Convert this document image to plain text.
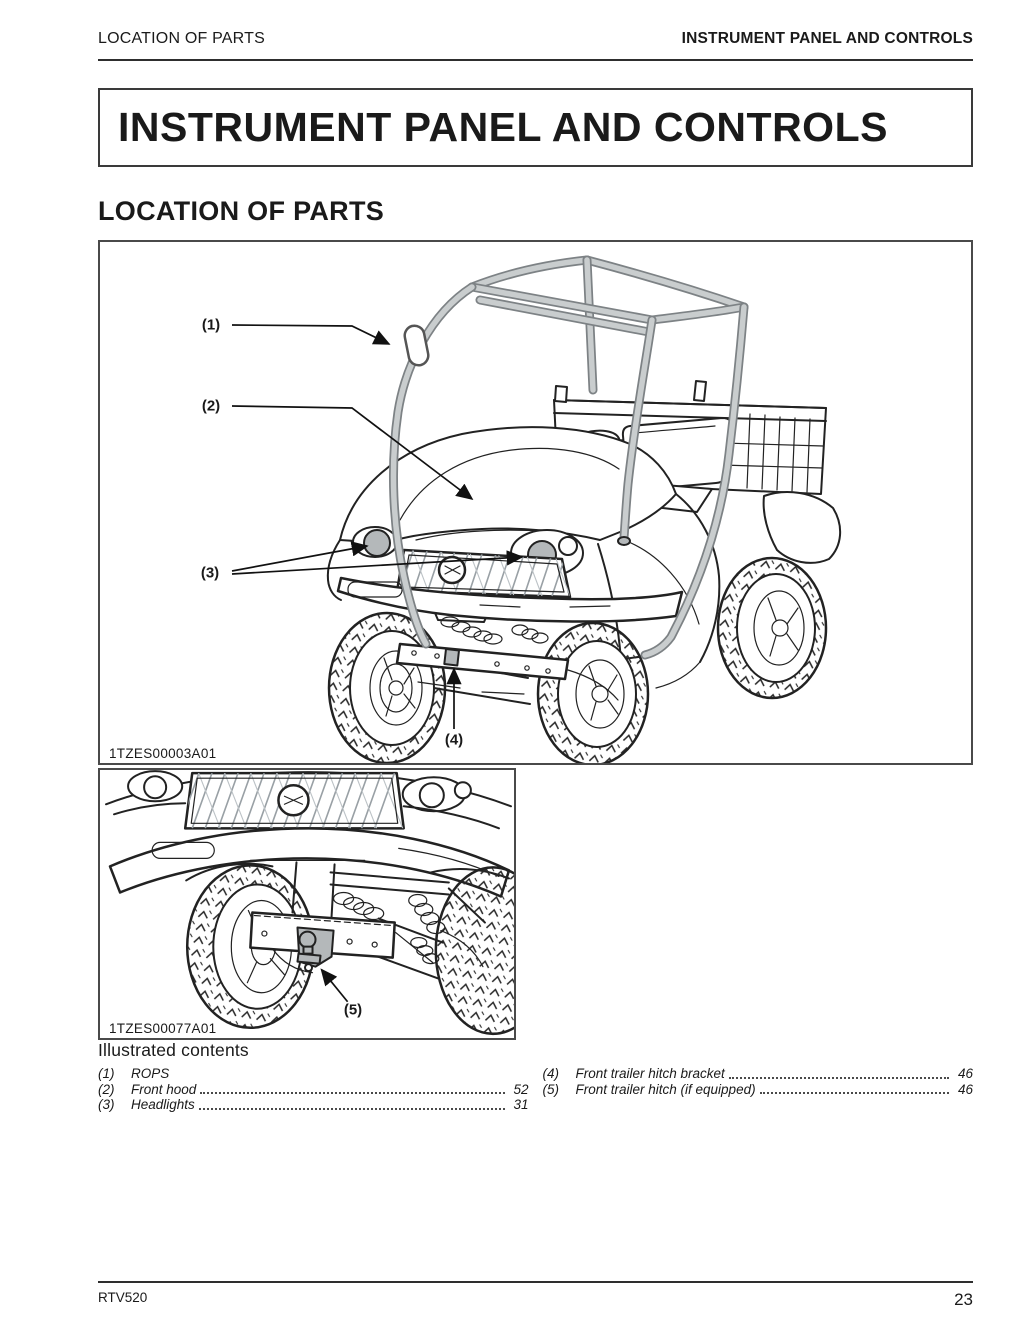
LOCATION OF PARTS	INSTRUMENT PANEL AND CONTROLS
INSTRUMENT PANEL AND CONTROLS
LOCATION OF PARTS
(1)
(2)
(3)
(4)
1TZES00003A01
(5)
1TZES00077A01
Illustrated contents
(1)	ROPS
(2)	Front hood	52
(3)	Headlights	31
(4)	Front trailer hitch bracket	46
(5)	Front trailer hitch (if equipped)	46
RTV520	23
